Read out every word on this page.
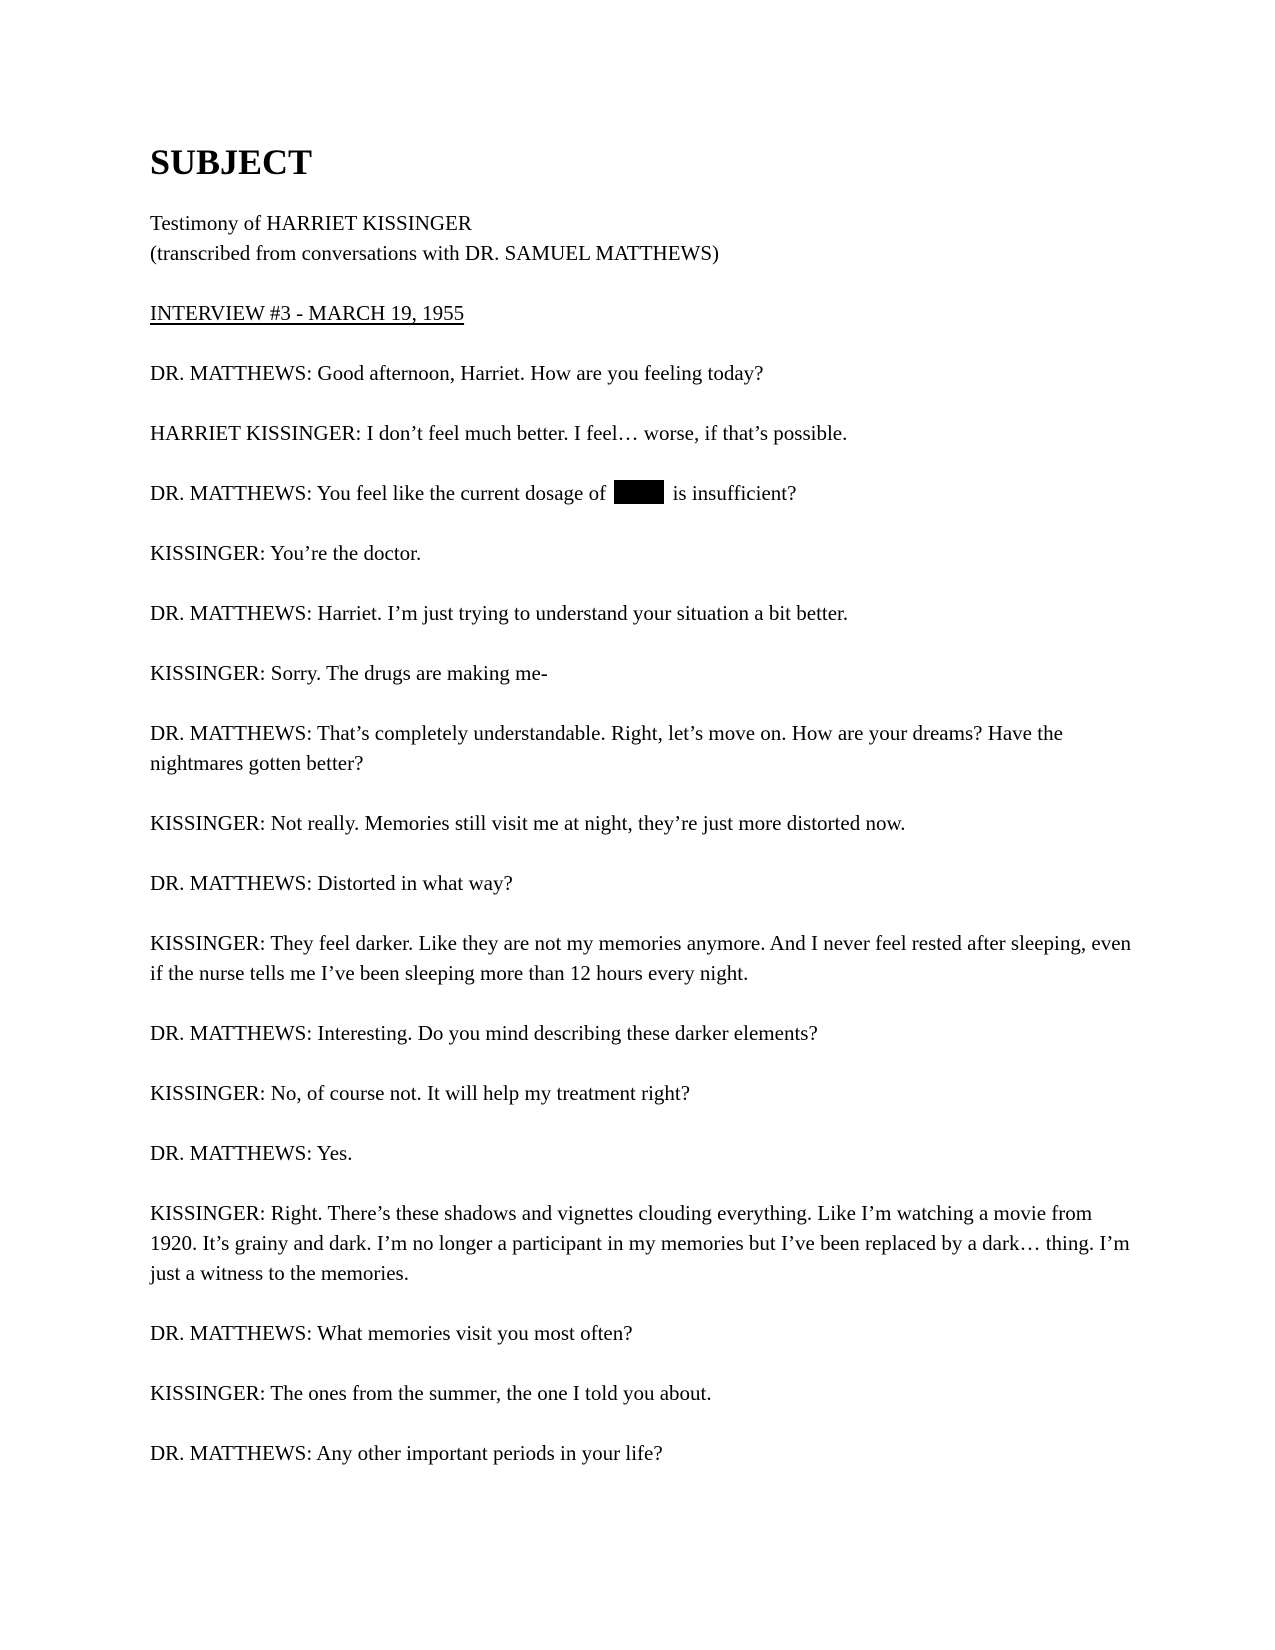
SUBJECT

Testimony of HARRIET KISSINGER

(transcribed from conversations with DR. SAMUEL MATTHEWS)

INTERVIEW #3 - MARCH 19, 1955

DR. MATTHEWS: Good afternoon, Harriet. How are you feeling today?

HARRIET KISSINGER: I don’t feel much better. I feel… worse, if that’s possible.

DR. MATTHEWS: You feel like the current dosage of	is insufficient?

KISSINGER: You’re the doctor.

DR. MATTHEWS: Harriet. I’m just trying to understand your situation a bit better.

KISSINGER: Sorry. The drugs are making me-

DR. MATTHEWS: That’s completely understandable. Right, let’s move on. How are your dreams? Have the nightmares gotten better?

KISSINGER: Not really. Memories still visit me at night, they’re just more distorted now.

DR. MATTHEWS: Distorted in what way?

KISSINGER: They feel darker. Like they are not my memories anymore. And I never feel rested after sleeping, even if the nurse tells me I’ve been sleeping more than 12 hours every night.

DR. MATTHEWS: Interesting. Do you mind describing these darker elements?

KISSINGER: No, of course not. It will help my treatment right?

DR. MATTHEWS: Yes.

KISSINGER: Right. There’s these shadows and vignettes clouding everything. Like I’m watching a movie from 1920. It’s grainy and dark. I’m no longer a participant in my memories but I’ve been replaced by a dark… thing. I’m just a witness to the memories.

DR. MATTHEWS: What memories visit you most often?

KISSINGER: The ones from the summer, the one I told you about.

DR. MATTHEWS: Any other important periods in your life?
